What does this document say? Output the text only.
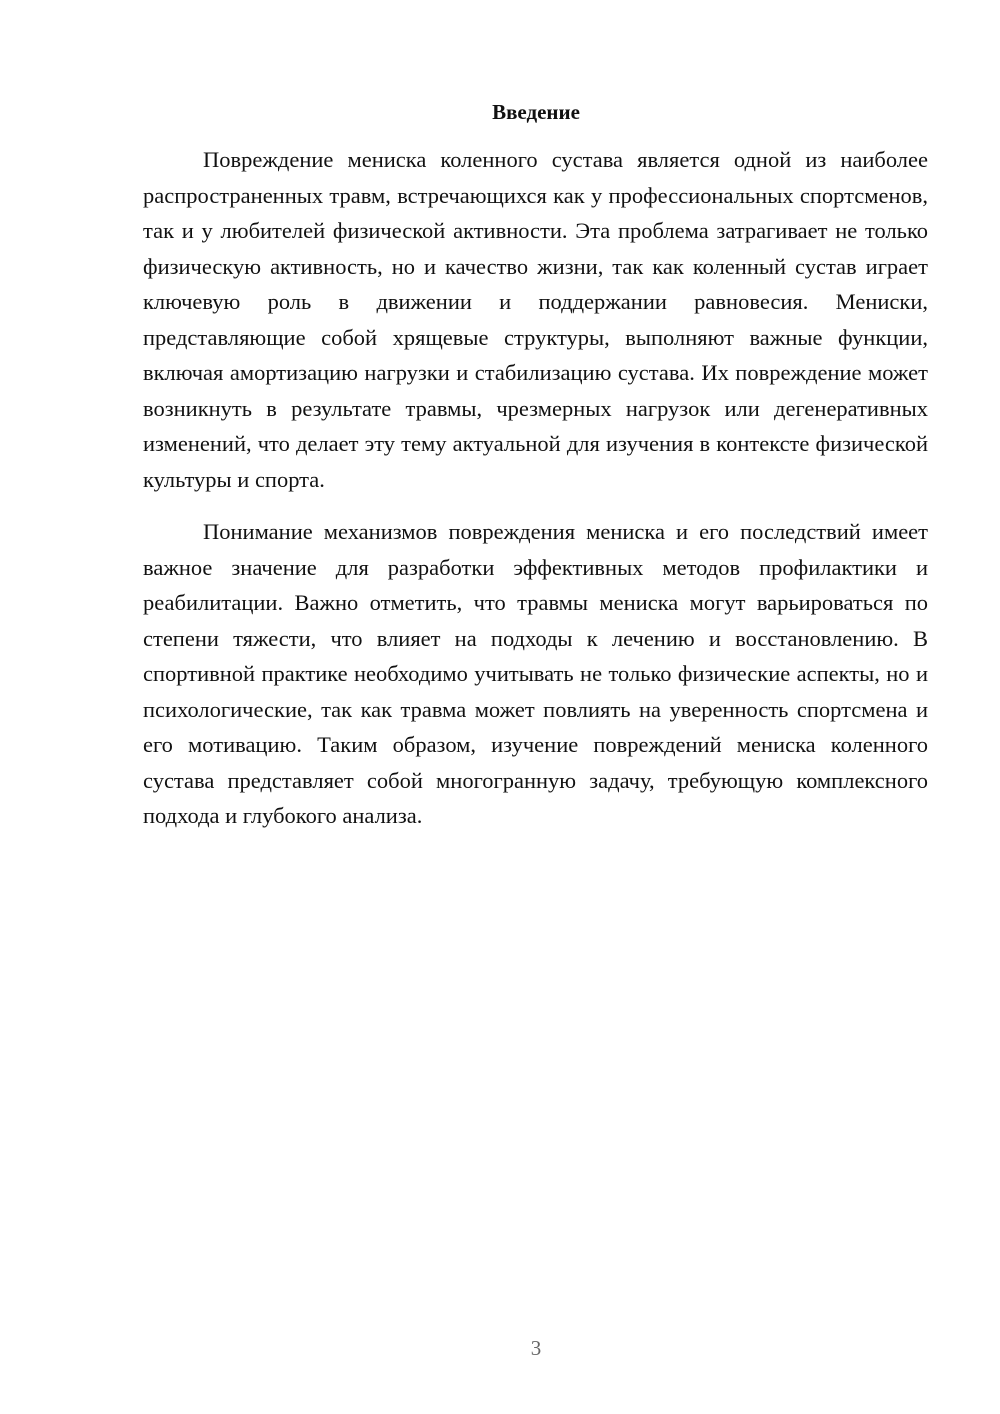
Введение

Повреждение мениска коленного сустава является одной из наиболее распространенных травм, встречающихся как у профессиональных спортсменов, так и у любителей физической активности. Эта проблема затрагивает не только физическую активность, но и качество жизни, так как коленный сустав играет ключевую роль в движении и поддержании равновесия. Мениски, представляющие собой хрящевые структуры, выполняют важные функции, включая амортизацию нагрузки и стабилизацию сустава. Их повреждение может возникнуть в результате травмы, чрезмерных нагрузок или дегенеративных изменений, что делает эту тему актуальной для изучения в контексте физической культуры и спорта.

Понимание механизмов повреждения мениска и его последствий имеет важное значение для разработки эффективных методов профилактики и реабилитации. Важно отметить, что травмы мениска могут варьироваться по степени тяжести, что влияет на подходы к лечению и восстановлению. В спортивной практике необходимо учитывать не только физические аспекты, но и психологические, так как травма может повлиять на уверенность спортсмена и его мотивацию. Таким образом, изучение повреждений мениска коленного сустава представляет собой многогранную задачу, требующую комплексного подхода и глубокого анализа.

3
